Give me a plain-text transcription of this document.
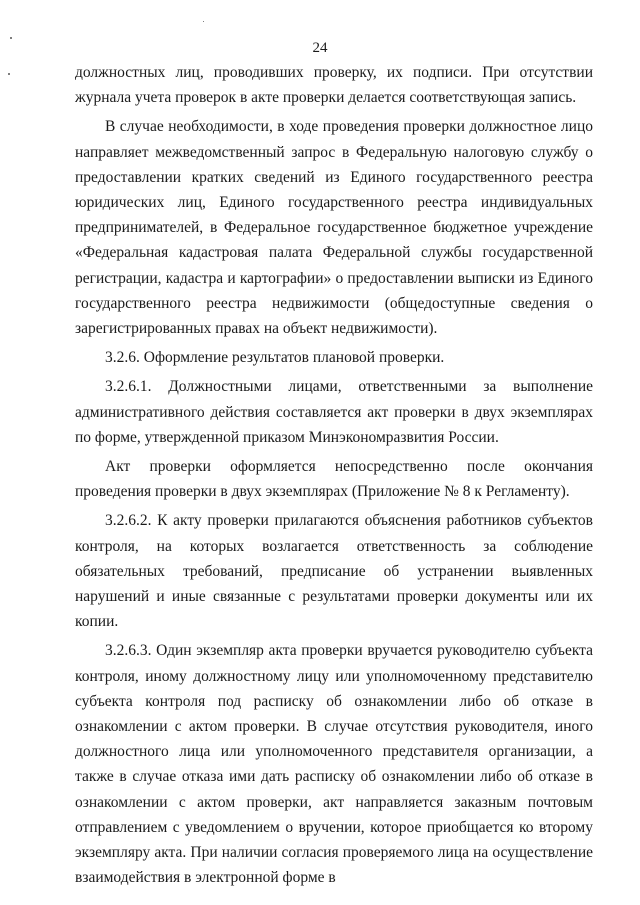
24

должностных лиц, проводивших проверку, их подписи. При отсутствии журнала учета проверок в акте проверки делается соответствующая запись.

В случае необходимости, в ходе проведения проверки должностное лицо направляет межведомственный запрос в Федеральную налоговую службу о предоставлении кратких сведений из Единого государственного реестра юридических лиц, Единого государственного реестра индивидуальных предпринимателей, в Федеральное государственное бюджетное учреждение «Федеральная кадастровая палата Федеральной службы государственной регистрации, кадастра и картографии» о предоставлении выписки из Единого государственного реестра недвижимости (общедоступные сведения о зарегистрированных правах на объект недвижимости).

3.2.6. Оформление результатов плановой проверки.

3.2.6.1. Должностными лицами, ответственными за выполнение административного действия составляется акт проверки в двух экземплярах по форме, утвержденной приказом Минэкономразвития России.

Акт проверки оформляется непосредственно после окончания проведения проверки в двух экземплярах (Приложение № 8 к Регламенту).

3.2.6.2. К акту проверки прилагаются объяснения работников субъектов контроля, на которых возлагается ответственность за соблюдение обязательных требований, предписание об устранении выявленных нарушений и иные связанные с результатами проверки документы или их копии.

3.2.6.3. Один экземпляр акта проверки вручается руководителю субъекта контроля, иному должностному лицу или уполномоченному представителю субъекта контроля под расписку об ознакомлении либо об отказе в ознакомлении с актом проверки. В случае отсутствия руководителя, иного должностного лица или уполномоченного представителя организации, а также в случае отказа ими дать расписку об ознакомлении либо об отказе в ознакомлении с актом проверки, акт направляется заказным почтовым отправлением с уведомлением о вручении, которое приобщается ко второму экземпляру акта. При наличии согласия проверяемого лица на осуществление взаимодействия в электронной форме в
